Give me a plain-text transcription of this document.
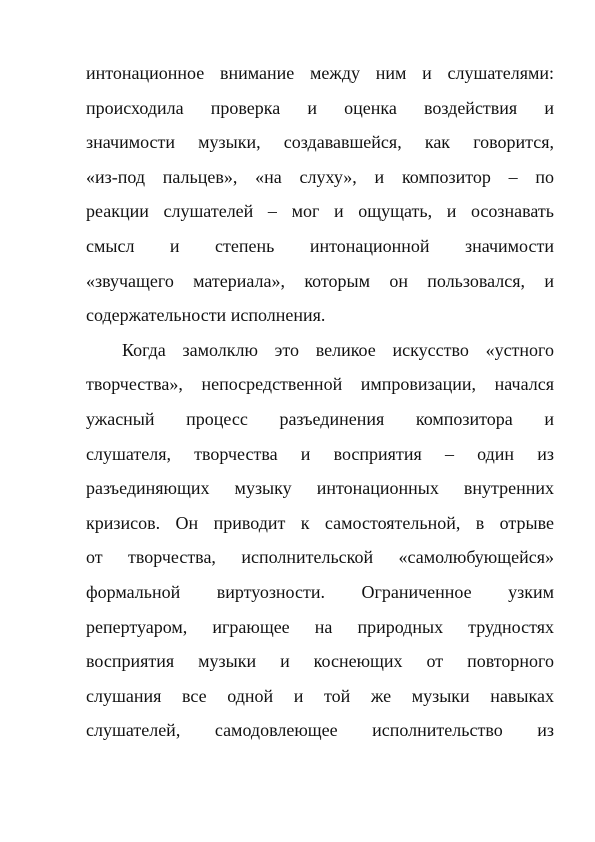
интонационное внимание между ним и слушателями:
происходила проверка и оценка воздействия и
значимости музыки, создававшейся, как говорится,
«из-под пальцев», «на слуху», и композитор – по
реакции слушателей – мог и ощущать, и осознавать
смысл и степень интонационной значимости
«звучащего материала», которым он пользовался, и
содержательности исполнения.
Когда замолклю это великое искусство «устного
творчества», непосредственной импровизации, начался
ужасный процесс разъединения композитора и
слушателя, творчества и восприятия – один из
разъединяющих музыку интонационных внутренних
кризисов. Он приводит к самостоятельной, в отрыве
от творчества, исполнительской «самолюбующейся»
формальной виртуозности. Ограниченное узким
репертуаром, играющее на природных трудностях
восприятия музыки и коснеющих от повторного
слушания все одной и той же музыки навыках
слушателей, самодовлеющее исполнительство из
